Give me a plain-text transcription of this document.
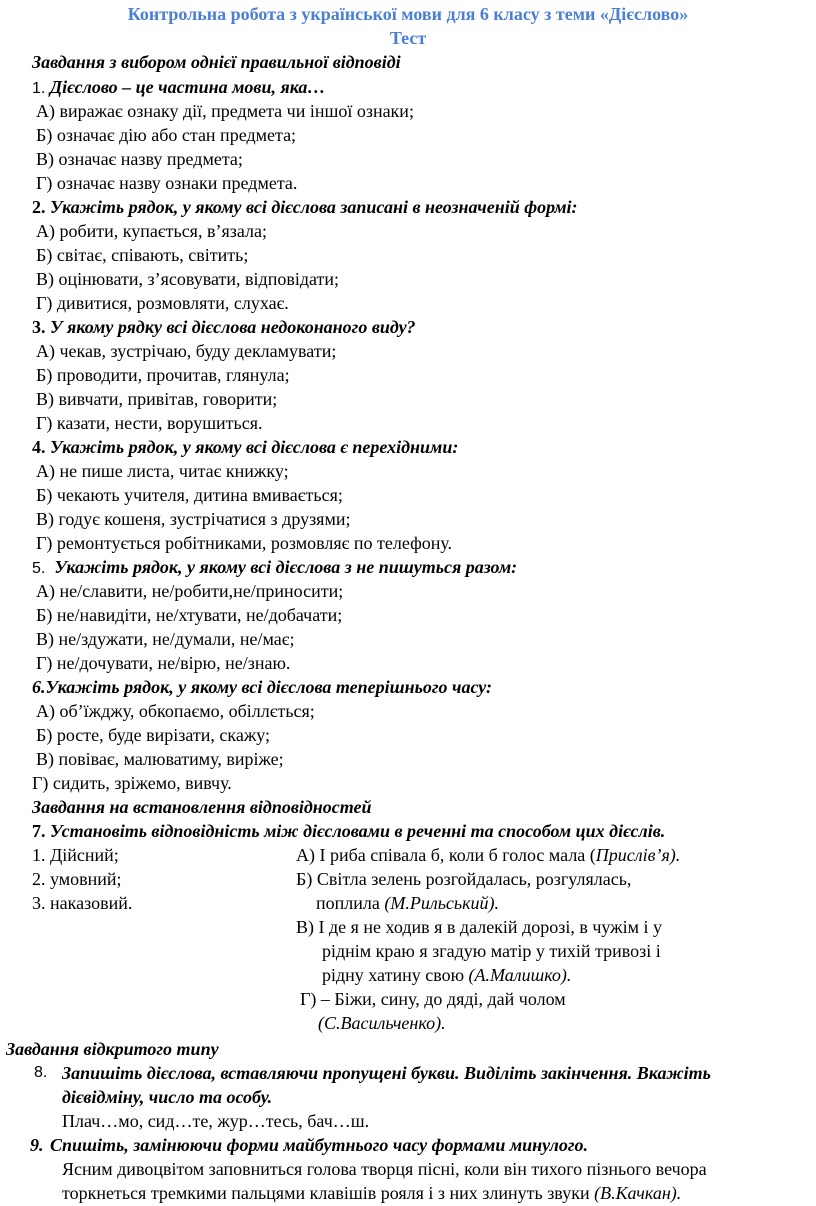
Контрольна робота з української мови для 6 класу з теми «Дієслово»
Тест
Завдання з вибором однієї правильної відповіді
1. Дієслово – це частина мови, яка…
А) виражає ознаку дії, предмета чи іншої ознаки;
Б) означає дію або стан предмета;
В) означає назву предмета;
Г) означає назву ознаки предмета.
2. Укажіть рядок, у якому всі дієслова записані в неозначеній формі:
А) робити, купається, в’язала;
Б) світає, співають, світить;
В) оцінювати, з’ясовувати, відповідати;
Г) дивитися, розмовляти, слухає.
3. У якому рядку всі дієслова недоконаного виду?
А) чекав, зустрічаю, буду декламувати;
Б) проводити, прочитав, глянула;
В) вивчати, привітав, говорити;
Г) казати, нести, ворушиться.
4. Укажіть рядок, у якому всі дієслова є перехідними:
А) не пише листа, читає книжку;
Б) чекають учителя, дитина вмивається;
В) годує кошеня, зустрічатися з друзями;
Г) ремонтується робітниками, розмовляє по телефону.
5. Укажіть рядок, у якому всі дієслова з не пишуться разом:
А) не/славити, не/робити,не/приносити;
Б) не/навидіти, не/хтувати, не/добачати;
В) не/здужати, не/думали, не/має;
Г) не/дочувати, не/вірю, не/знаю.
6.Укажіть рядок, у якому всі дієслова теперішнього часу:
А) об’їжджу, обкопаємо, обіллється;
Б) росте, буде вирізати, скажу;
В) повіває, малюватиму, виріже;
Г) сидить, зріжемо, вивчу.
Завдання на встановлення відповідностей
7. Установіть відповідність між дієсловами в реченні та способом цих дієслів.
1. Дійсний;
2. умовний;
3. наказовий.
А) І риба співала б, коли б голос мала (Прислів’я).
Б) Світла зелень розгойдалась, розгулялась,
поплила (М.Рильський).
В) І де я не ходив я в далекій дорозі, в чужім і у
ріднім краю я згадую матір у тихій тривозі і
рідну хатину свою (А.Малишко).
Г) – Біжи, сину, до дяді, дай чолом
(С.Васильченко).
Завдання відкритого типу
8. Запишіть дієслова, вставляючи пропущені букви. Виділіть закінчення. Вкажіть
дієвідміну, число та особу.
Плач…мо, сид…те, жур…тесь, бач…ш.
9. Спишіть, замінюючи форми майбутнього часу формами минулого.
Ясним дивоцвітом заповниться голова творця пісні, коли він тихого пізнього вечора
торкнеться тремкими пальцями клавішів рояля і з них злинуть звуки (В.Качкан).
